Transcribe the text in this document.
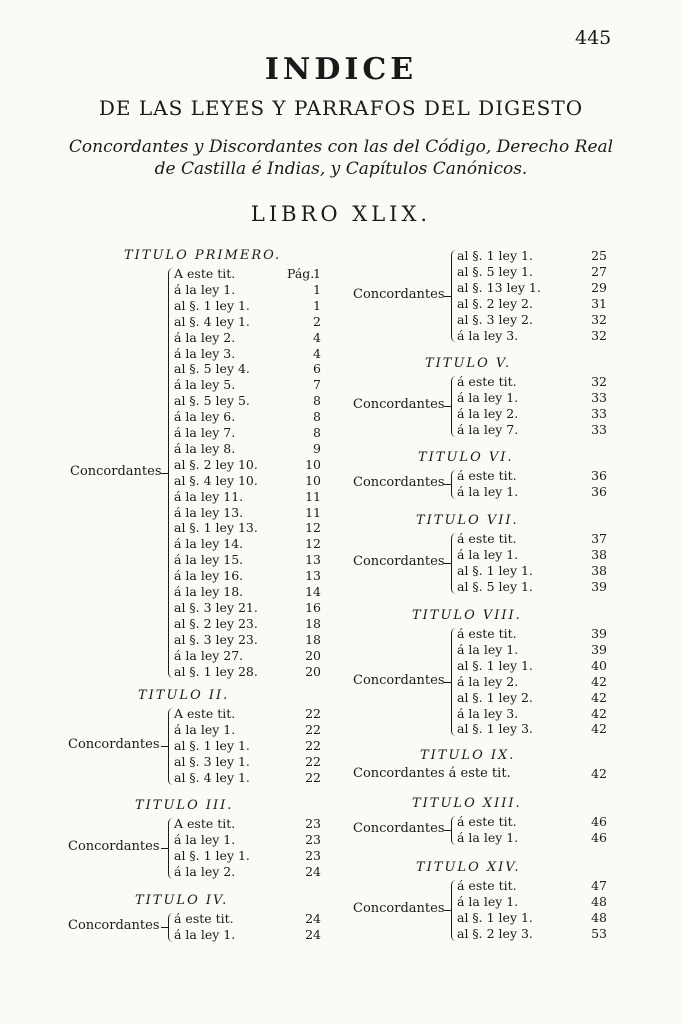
445
INDICE
DE LAS LEYES Y PARRAFOS DEL DIGESTO
Concordantes y Discordantes con las del Código, Derecho Real
de Castilla é Indias, y Capítulos Canónicos.
LIBRO XLIX.
TITULO PRIMERO.
Pág.
A este tit.	1
á la ley 1.	1
al §. 1 ley 1.	1
al §. 4 ley 1.	2
á la ley 2.	4
á la ley 3.	4
al §. 5 ley 4.	6
á la ley 5.	7
al §. 5 ley 5.	8
á la ley 6.	8
á la ley 7.	8
á la ley 8.	9
al §. 2 ley 10.	10
al §. 4 ley 10.	10
á la ley 11.	11
á la ley 13.	11
al §. 1 ley 13.	12
á la ley 14.	12
á la ley 15.	13
á la ley 16.	13
á la ley 18.	14
al §. 3 ley 21.	16
al §. 2 ley 23.	18
al §. 3 ley 23.	18
á la ley 27.	20
al §. 1 ley 28.	20
Concordantes
TITULO II.
A este tit.	22
á la ley 1.	22
al §. 1 ley 1.	22
al §. 3 ley 1.	22
al §. 4 ley 1.	22
Concordantes
TITULO III.
A este tit.	23
á la ley 1.	23
al §. 1 ley 1.	23
á la ley 2.	24
Concordantes
TITULO IV.
á este tit.	24
á la ley 1.	24
Concordantes
al §. 1 ley 1.	25
al §. 5 ley 1.	27
al §. 13 ley 1.	29
al §. 2 ley 2.	31
al §. 3 ley 2.	32
á la ley 3.	32
Concordantes
TITULO V.
á este tit.	32
á la ley 1.	33
á la ley 2.	33
á la ley 7.	33
Concordantes
TITULO VI.
á este tit.	36
á la ley 1.	36
Concordantes
TITULO VII.
á este tit.	37
á la ley 1.	38
al §. 1 ley 1.	38
al §. 5 ley 1.	39
Concordantes
TITULO VIII.
á este tit.	39
á la ley 1.	39
al §. 1 ley 1.	40
á la ley 2.	42
al §. 1 ley 2.	42
á la ley 3.	42
al §. 1 ley 3.	42
Concordantes
TITULO IX.
Concordantes á este tit.	42
TITULO XIII.
á este tit.	46
á la ley 1.	46
Concordantes
TITULO XIV.
á este tit.	47
á la ley 1.	48
al §. 1 ley 1.	48
al §. 2 ley 3.	53
Concordantes
